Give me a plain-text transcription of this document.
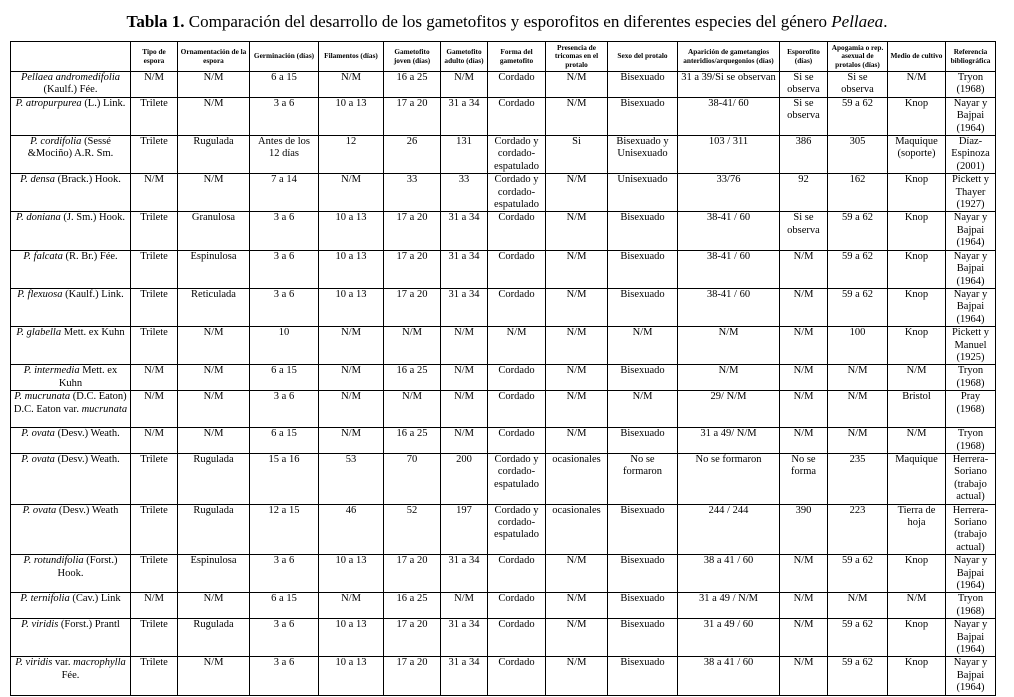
Tabla 1. Comparación del desarrollo de los gametofitos y esporofitos en diferentes especies del género Pellaea.
	Tipo de espora	Ornamentación de la espora	Germinación (días)	Filamentos (días)	Gametofito joven (días)	Gametofito adulto (días)	Forma del gametofito	Presencia de tricomas en el protalo	Sexo del protalo	Aparición de gametangios anteridios/arquegonios (días)	Esporofito (días)	Apogamia o rep. asexual de protalos (días)	Medio de cultivo	Referencia bibliográfica
Pellaea andromedifolia (Kaulf.) Fée.	N/M	N/M	6 a 15	N/M	16 a 25	N/M	Cordado	N/M	Bisexuado	31 a 39/Si se observan	Si se observa	Si se observa	N/M	Tryon (1968)
P. atropurpurea (L.) Link.	Trilete	N/M	3 a 6	10 a 13	17 a 20	31 a 34	Cordado	N/M	Bisexuado	38-41/ 60	Si se observa	59 a 62	Knop	Nayar y Bajpai (1964)
P. cordifolia (Sessé &Mociño) A.R. Sm.	Trilete	Rugulada	Antes de los 12 días	12	26	131	Cordado y cordado-espatulado	Si	Bisexuado y Unisexuado	103 / 311	386	305	Maquique (soporte)	Díaz-Espinoza (2001)
P. densa (Brack.) Hook.	N/M	N/M	7 a 14	N/M	33	33	Cordado y cordado-espatulado	N/M	Unisexuado	33/76	92	162	Knop	Pickett y Thayer (1927)
P. doniana (J. Sm.) Hook.	Trilete	Granulosa	3 a 6	10 a 13	17 a 20	31 a 34	Cordado	N/M	Bisexuado	38-41 / 60	Si se observa	59 a 62	Knop	Nayar y Bajpai (1964)
P. falcata (R. Br.) Fée.	Trilete	Espinulosa	3 a 6	10 a 13	17 a 20	31 a 34	Cordado	N/M	Bisexuado	38-41 / 60	N/M	59 a 62	Knop	Nayar y Bajpai (1964)
P. flexuosa (Kaulf.) Link.	Trilete	Reticulada	3 a 6	10 a 13	17 a 20	31 a 34	Cordado	N/M	Bisexuado	38-41 / 60	N/M	59 a 62	Knop	Nayar y Bajpai (1964)
P. glabella Mett. ex Kuhn	Trilete	N/M	10	N/M	N/M	N/M	N/M	N/M	N/M	N/M	N/M	100	Knop	Pickett y Manuel (1925)
P. intermedia Mett. ex Kuhn	N/M	N/M	6 a 15	N/M	16 a 25	N/M	Cordado	N/M	Bisexuado	N/M	N/M	N/M	N/M	Tryon (1968)
P. mucrunata (D.C. Eaton) D.C. Eaton var. mucrunata	N/M	N/M	3 a 6	N/M	N/M	N/M	Cordado	N/M	N/M	29/ N/M	N/M	N/M	Bristol	Pray (1968)
P. ovata (Desv.) Weath.	N/M	N/M	6 a 15	N/M	16 a 25	N/M	Cordado	N/M	Bisexuado	31 a 49/ N/M	N/M	N/M	N/M	Tryon (1968)
P. ovata (Desv.) Weath.	Trilete	Rugulada	15 a 16	53	70	200	Cordado y cordado-espatulado	ocasionales	No se formaron	No se formaron	No se forma	235	Maquique	Herrera-Soriano (trabajo actual)
P. ovata (Desv.) Weath	Trilete	Rugulada	12 a 15	46	52	197	Cordado y cordado-espatulado	ocasionales	Bisexuado	244 / 244	390	223	Tierra de hoja	Herrera-Soriano (trabajo actual)
P. rotundifolia (Forst.) Hook.	Trilete	Espinulosa	3 a 6	10 a 13	17 a 20	31 a 34	Cordado	N/M	Bisexuado	38 a 41 / 60	N/M	59 a 62	Knop	Nayar y Bajpai (1964)
P. ternifolia (Cav.) Link	N/M	N/M	6 a 15	N/M	16 a 25	N/M	Cordado	N/M	Bisexuado	31 a 49 / N/M	N/M	N/M	N/M	Tryon (1968)
P. viridis (Forst.) Prantl	Trilete	Rugulada	3 a 6	10 a 13	17 a 20	31 a 34	Cordado	N/M	Bisexuado	31 a 49 / 60	N/M	59 a 62	Knop	Nayar y Bajpai (1964)
P. viridis var. macrophylla Fée.	Trilete	N/M	3 a 6	10 a 13	17 a 20	31 a 34	Cordado	N/M	Bisexuado	38 a 41 / 60	N/M	59 a 62	Knop	Nayar y Bajpai (1964)
